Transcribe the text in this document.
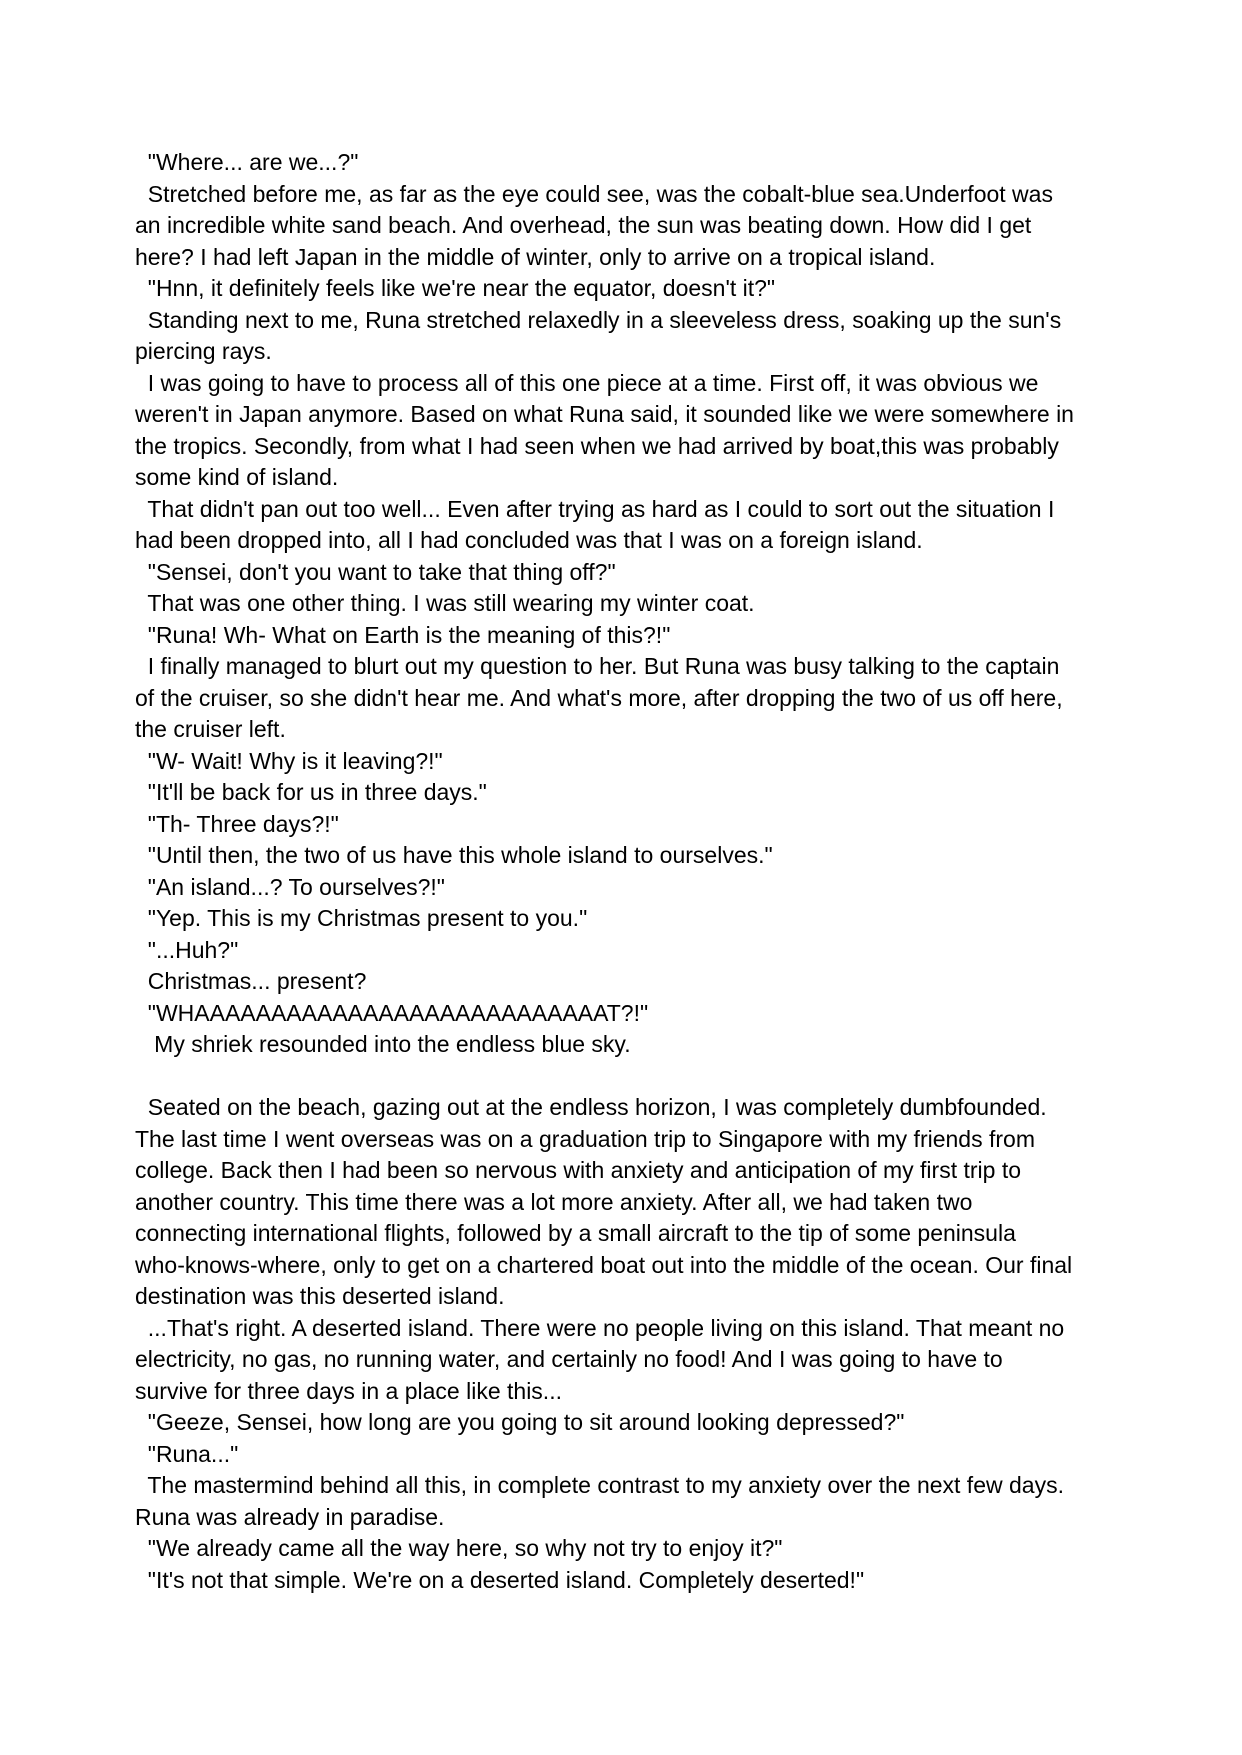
"Where... are we...?"
Stretched before me, as far as the eye could see, was the cobalt-blue sea.Underfoot was
an incredible white sand beach. And overhead, the sun was beating down. How did I get
here? I had left Japan in the middle of winter, only to arrive on a tropical island.
"Hnn, it definitely feels like we're near the equator, doesn't it?"
Standing next to me, Runa stretched relaxedly in a sleeveless dress, soaking up the sun's
piercing rays.
I was going to have to process all of this one piece at a time. First off, it was obvious we
weren't in Japan anymore. Based on what Runa said, it sounded like we were somewhere in
the tropics. Secondly, from what I had seen when we had arrived by boat,this was probably
some kind of island.
That didn't pan out too well... Even after trying as hard as I could to sort out the situation I
had been dropped into, all I had concluded was that I was on a foreign island.
"Sensei, don't you want to take that thing off?"
That was one other thing. I was still wearing my winter coat.
"Runa! Wh- What on Earth is the meaning of this?!"
I finally managed to blurt out my question to her. But Runa was busy talking to the captain
of the cruiser, so she didn't hear me. And what's more, after dropping the two of us off here,
the cruiser left.
"W- Wait! Why is it leaving?!"
"It'll be back for us in three days."
"Th- Three days?!"
"Until then, the two of us have this whole island to ourselves."
"An island...? To ourselves?!"
"Yep. This is my Christmas present to you."
"...Huh?"
Christmas... present?
"WHAAAAAAAAAAAAAAAAAAAAAAAAAAAT?!"
My shriek resounded into the endless blue sky.
Seated on the beach, gazing out at the endless horizon, I was completely dumbfounded.
The last time I went overseas was on a graduation trip to Singapore with my friends from
college. Back then I had been so nervous with anxiety and anticipation of my first trip to
another country. This time there was a lot more anxiety. After all, we had taken two
connecting international flights, followed by a small aircraft to the tip of some peninsula
who-knows-where, only to get on a chartered boat out into the middle of the ocean. Our final
destination was this deserted island.
...That's right. A deserted island. There were no people living on this island. That meant no
electricity, no gas, no running water, and certainly no food! And I was going to have to
survive for three days in a place like this...
"Geeze, Sensei, how long are you going to sit around looking depressed?"
"Runa..."
The mastermind behind all this, in complete contrast to my anxiety over the next few days.
Runa was already in paradise.
"We already came all the way here, so why not try to enjoy it?"
"It's not that simple. We're on a deserted island. Completely deserted!"
